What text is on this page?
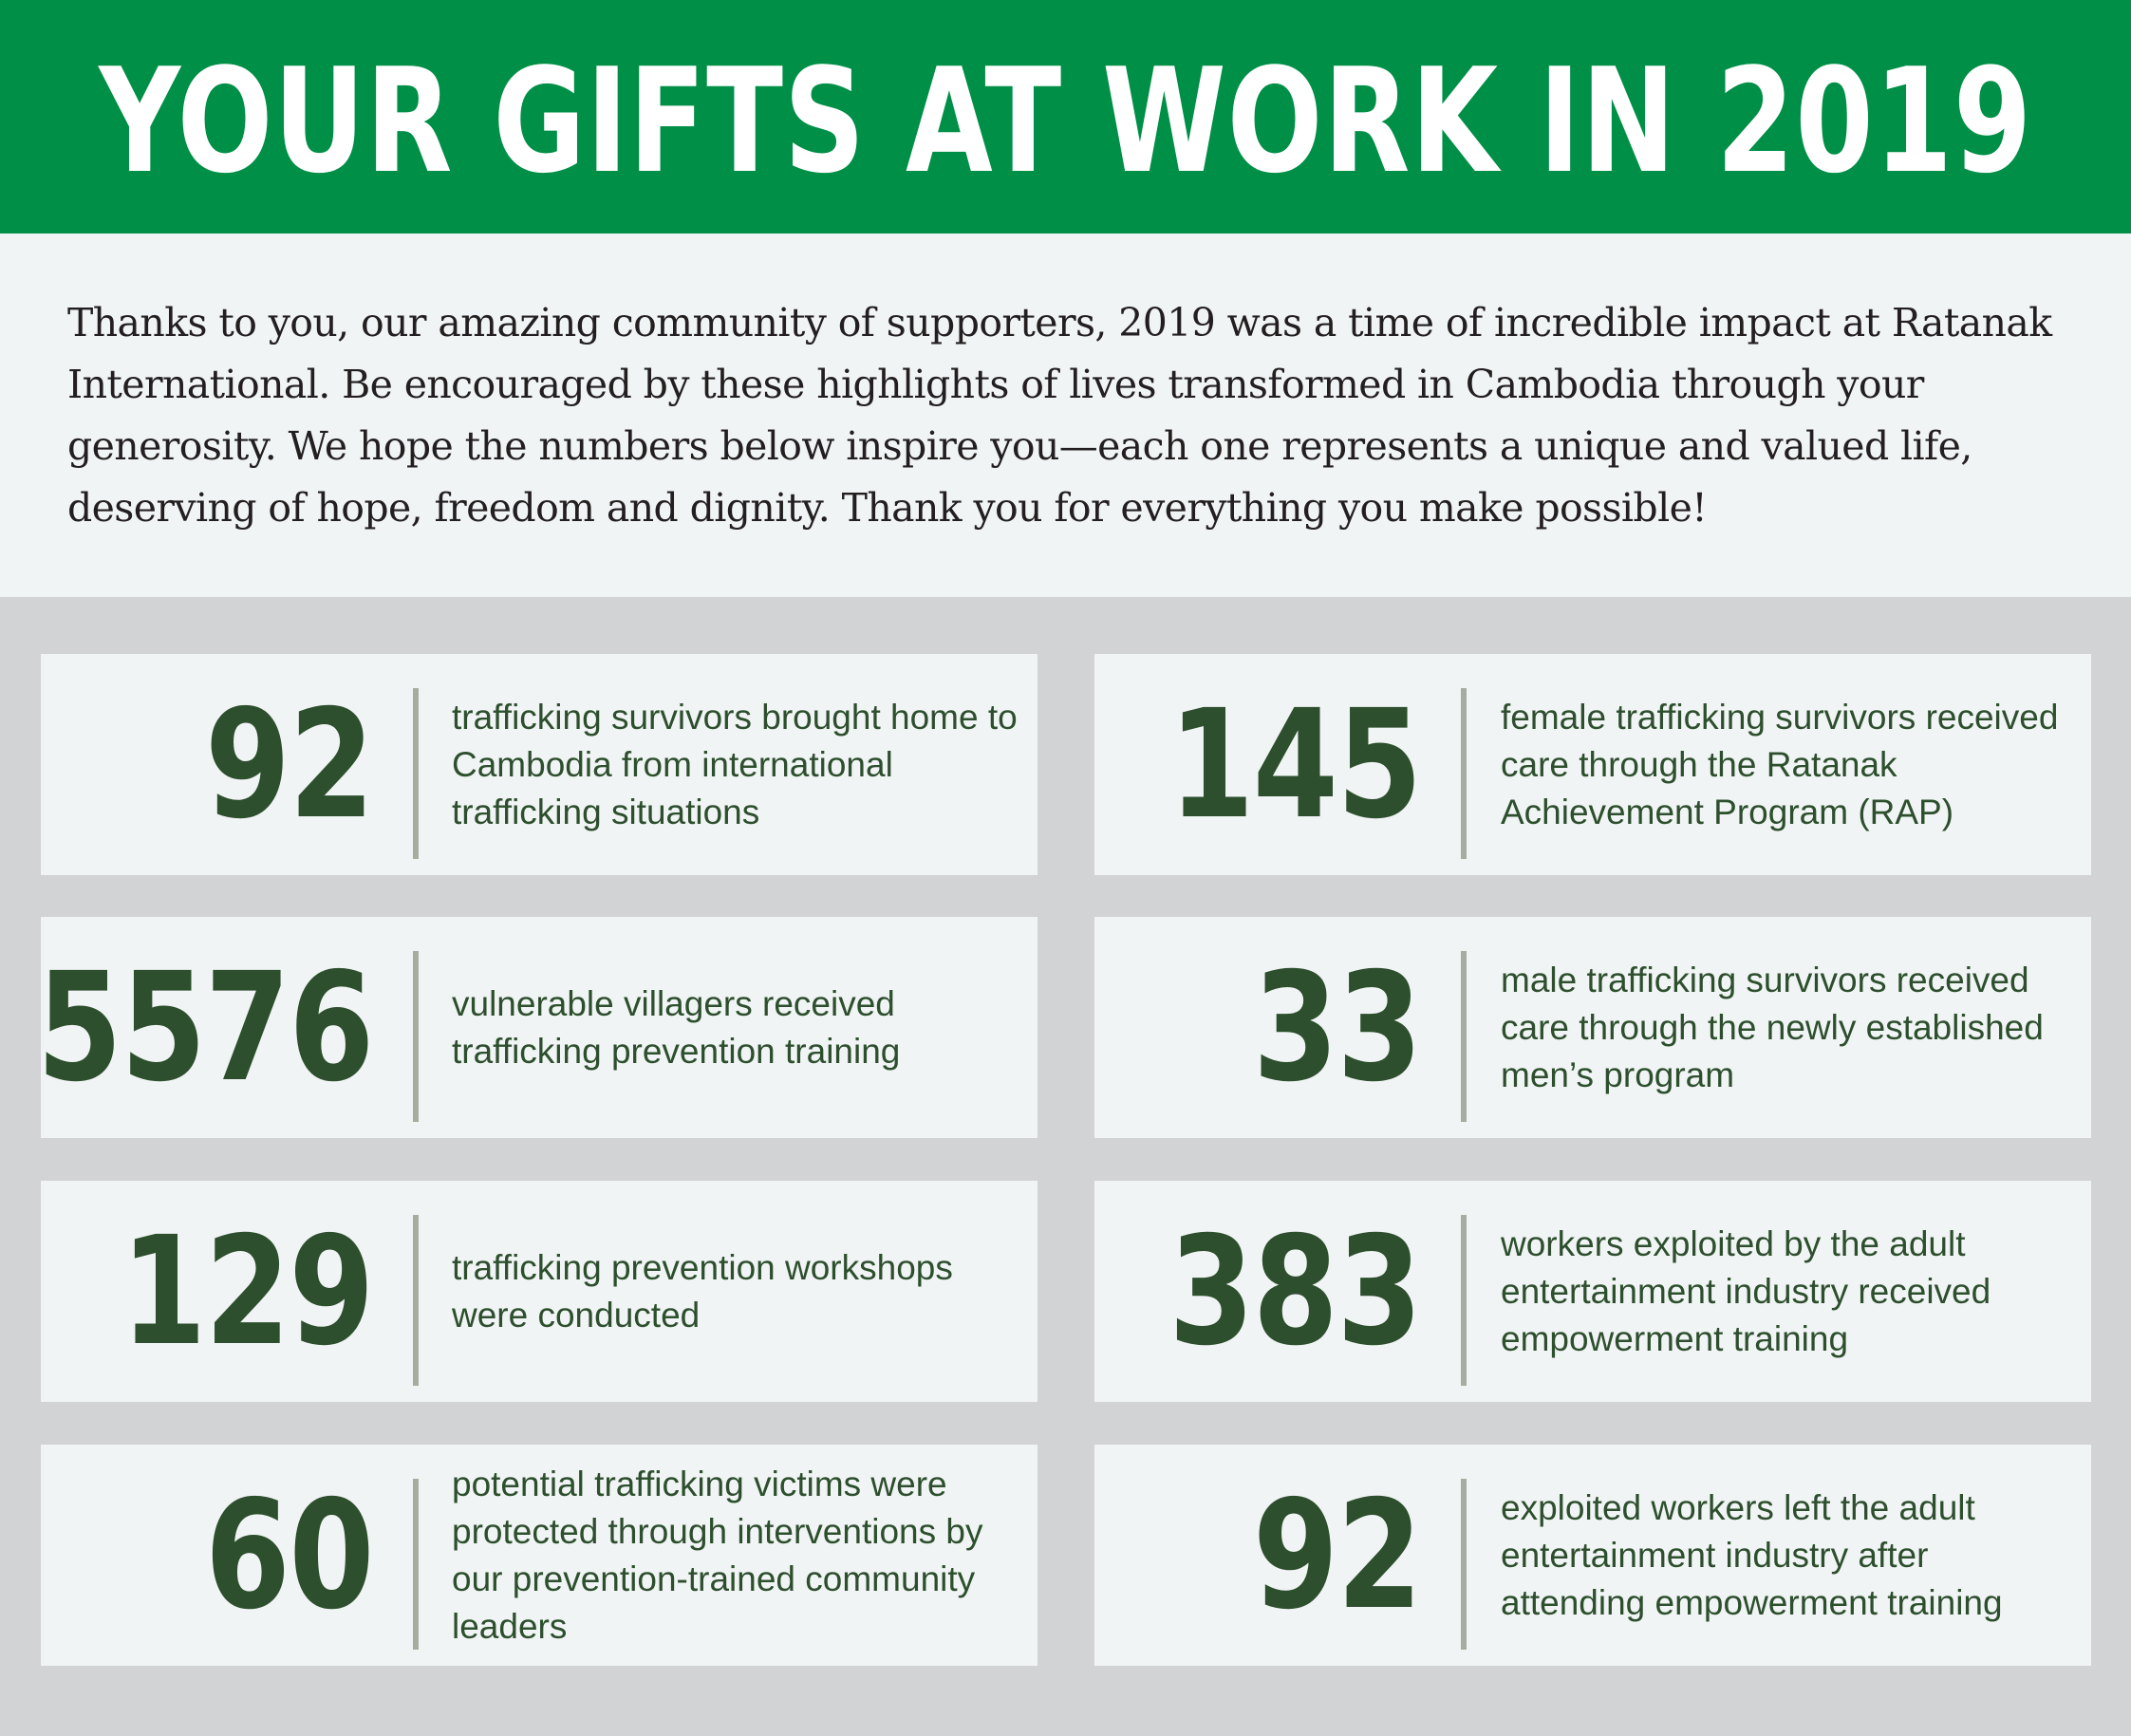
YOUR GIFTS AT WORK IN 2019

Thanks to you, our amazing community of supporters, 2019 was a time of incredible impact at Ratanak International. Be encouraged by these highlights of lives transformed in Cambodia through your generosity. We hope the numbers below inspire you—each one represents a unique and valued life, deserving of hope, freedom and dignity. Thank you for everything you make possible!

92 trafficking survivors brought home to Cambodia from international trafficking situations	145 female trafficking survivors received care through the Ratanak Achievement Program (RAP)

5576 vulnerable villagers received trafficking prevention training	33 male trafficking survivors received care through the newly established men’s program

129 trafficking prevention workshops were conducted	383 workers exploited by the adult entertainment industry received empowerment training

60 potential trafficking victims were protected through interventions by our prevention-trained community leaders	92 exploited workers left the adult entertainment industry after attending empowerment training
